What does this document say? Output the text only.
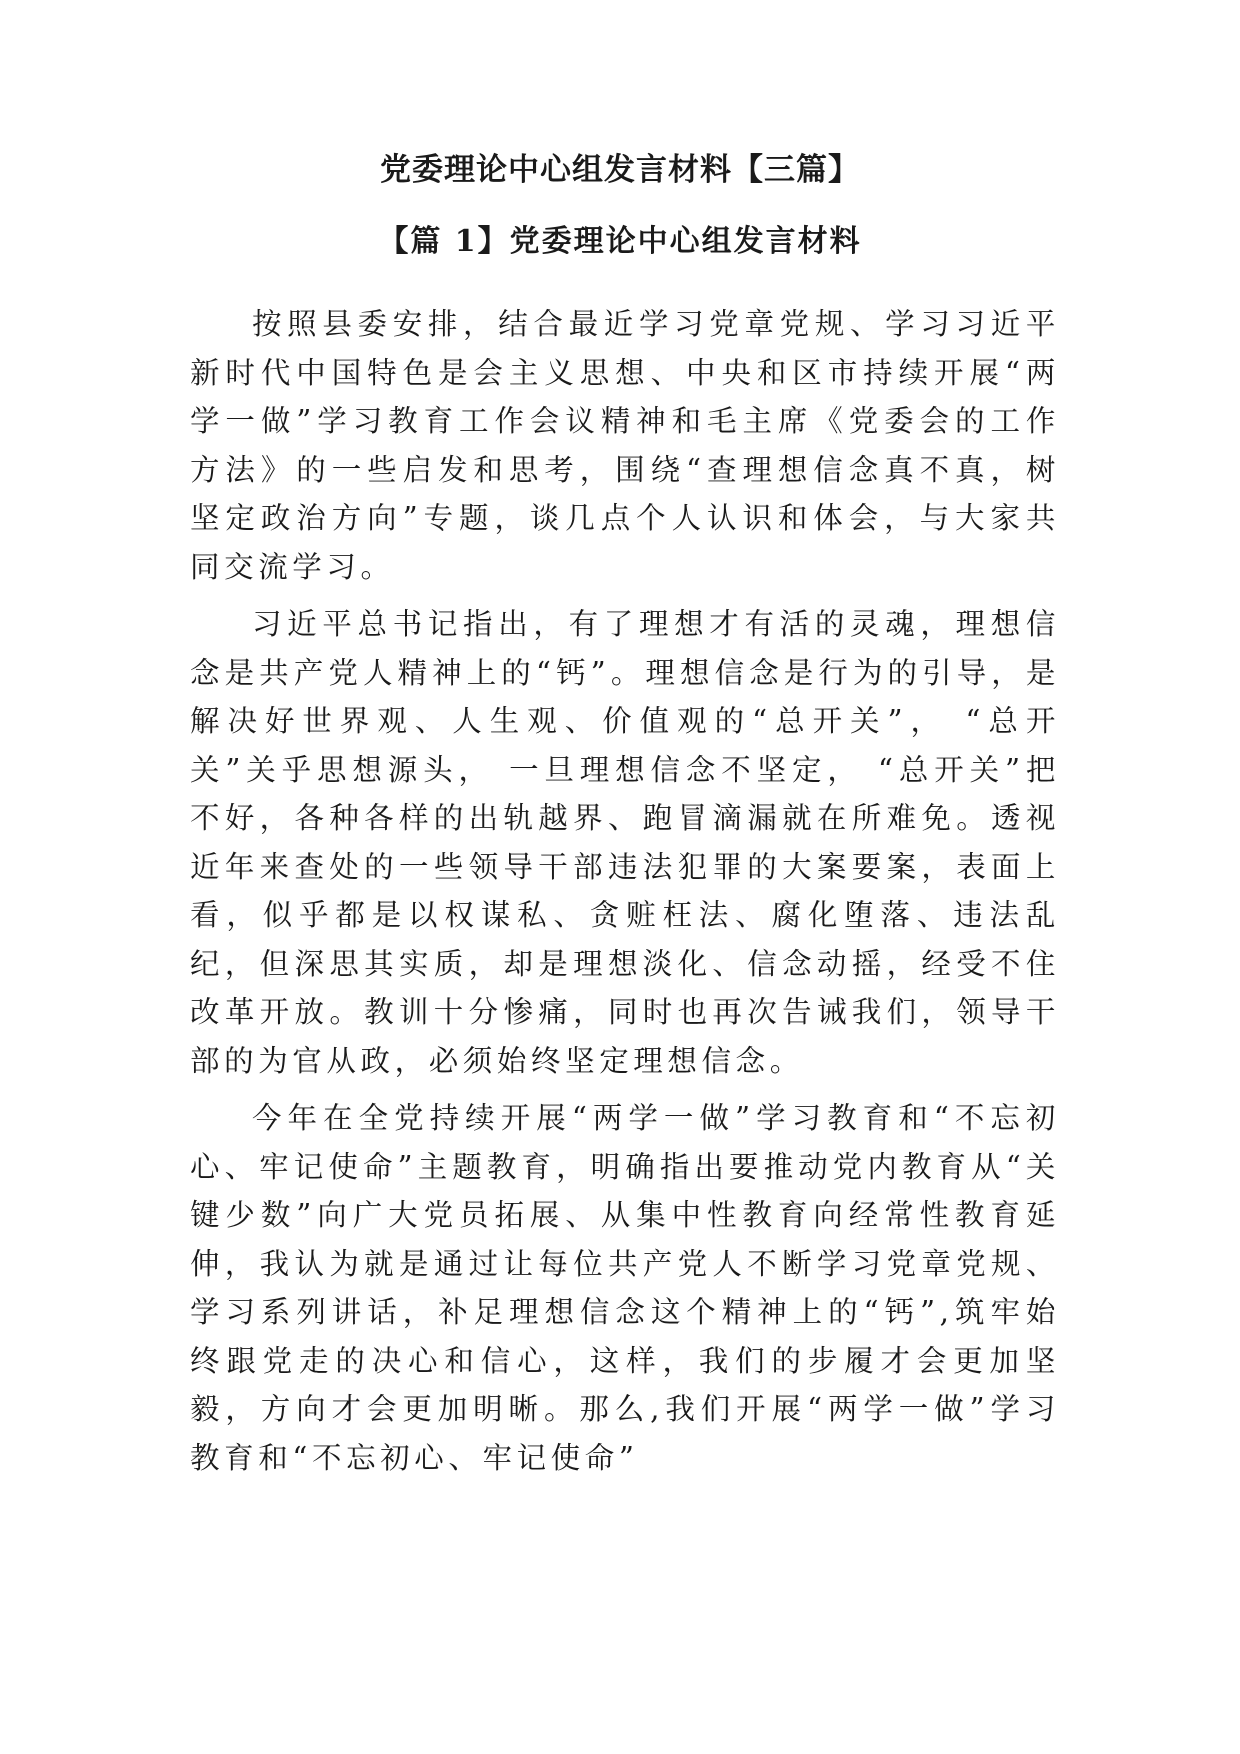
党委理论中心组发言材料【三篇】
【篇 1】党委理论中心组发言材料

按照县委安排，结合最近学习党章党规、学习习近平新时代中国特色是会主义思想、中央和区市持续开展“两学一做”学习教育工作会议精神和毛主席《党委会的工作方法》的一些启发和思考，围绕“查理想信念真不真，树坚定政治方向”专题，谈几点个人认识和体会，与大家共同交流学习。

习近平总书记指出，有了理想才有活的灵魂，理想信念是共产党人精神上的“钙”。理想信念是行为的引导，是解决好世界观、人生观、价值观的“总开关”， “总开关”关乎思想源头， 一旦理想信念不坚定， “总开关”把不好，各种各样的出轨越界、跑冒滴漏就在所难免。透视近年来查处的一些领导干部违法犯罪的大案要案，表面上看，似乎都是以权谋私、贪赃枉法、腐化堕落、违法乱纪，但深思其实质，却是理想淡化、信念动摇，经受不住改革开放。教训十分惨痛，同时也再次告诫我们，领导干部的为官从政，必须始终坚定理想信念。

今年在全党持续开展“两学一做”学习教育和“不忘初心、牢记使命”主题教育，明确指出要推动党内教育从“关键少数”向广大党员拓展、从集中性教育向经常性教育延伸，我认为就是通过让每位共产党人不断学习党章党规、学习系列讲话，补足理想信念这个精神上的“钙”,筑牢始终跟党走的决心和信心，这样，我们的步履才会更加坚毅，方向才会更加明晰。那么,我们开展“两学一做”学习教育和“不忘初心、牢记使命”
